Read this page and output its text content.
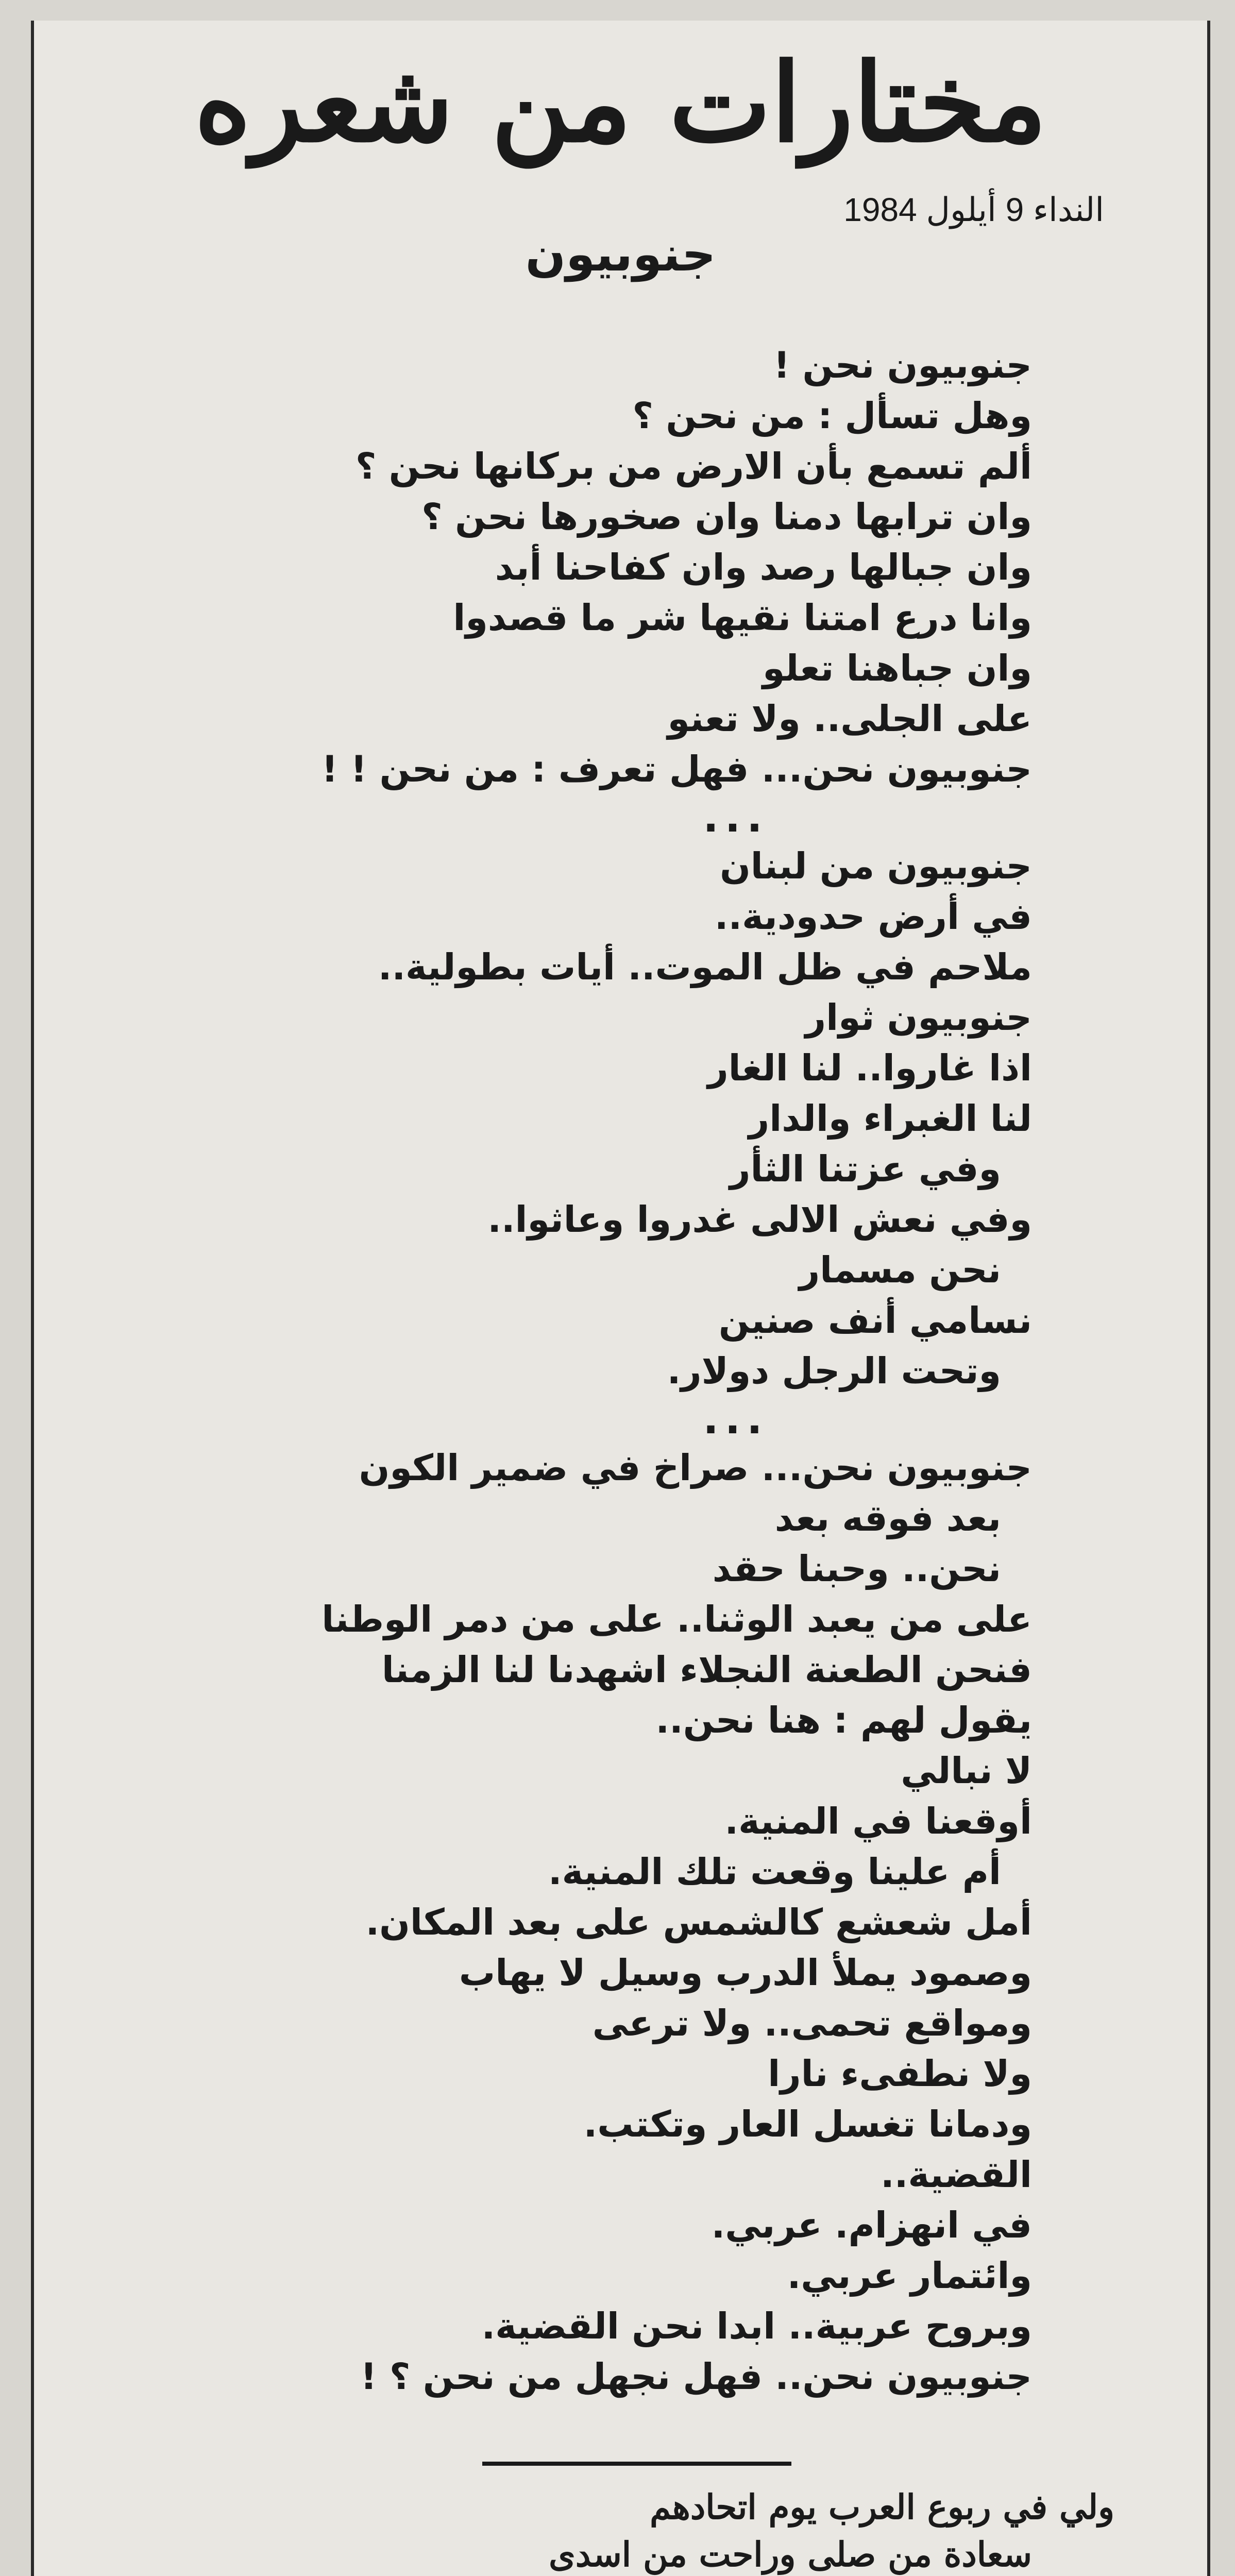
مختارات من شعره
النداء 9 أيلول 1984
جنوبيون
جنوبيون نحن !
وهل تسأل : من نحن ؟
ألم تسمع بأن الارض من بركانها نحن ؟
وان ترابها دمنا وان صخورها نحن ؟
وان جبالها رصد وان كفاحنا أبد
وانا درع امتنا نقيها شر ما قصدوا
وان جباهنا تعلو
على الجلى.. ولا تعنو
جنوبيون نحن... فهل تعرف : من نحن ! !
...
جنوبيون من لبنان
في أرض حدودية..
ملاحم في ظل الموت.. أيات بطولية..
جنوبيون ثوار
اذا غاروا.. لنا الغار
لنا الغبراء والدار
وفي عزتنا الثأر
وفي نعش الالى غدروا وعاثوا..
نحن مسمار
نسامي أنف صنين
وتحت الرجل دولار.
...
جنوبيون نحن... صراخ في ضمير الكون
بعد فوقه بعد
نحن.. وحبنا حقد
على من يعبد الوثنا.. على من دمر الوطنا
فنحن الطعنة النجلاء اشهدنا لنا الزمنا
يقول لهم : هنا نحن..
لا نبالي
أوقعنا في المنية.
أم علينا وقعت تلك المنية.
أمل شعشع كالشمس على بعد المكان.
وصمود يملأ الدرب وسيل لا يهاب
ومواقع تحمى.. ولا ترعى
ولا نطفىء نارا
ودمانا تغسل العار وتكتب.
القضية..
في انهزام. عربي.
وائتمار عربي.
وبروح عربية.. ابدا نحن القضية.
جنوبيون نحن.. فهل نجهل من نحن ؟ !
ولي في ربوع العرب يوم اتحادهم
سعادة من صلى وراحت من اسدى
